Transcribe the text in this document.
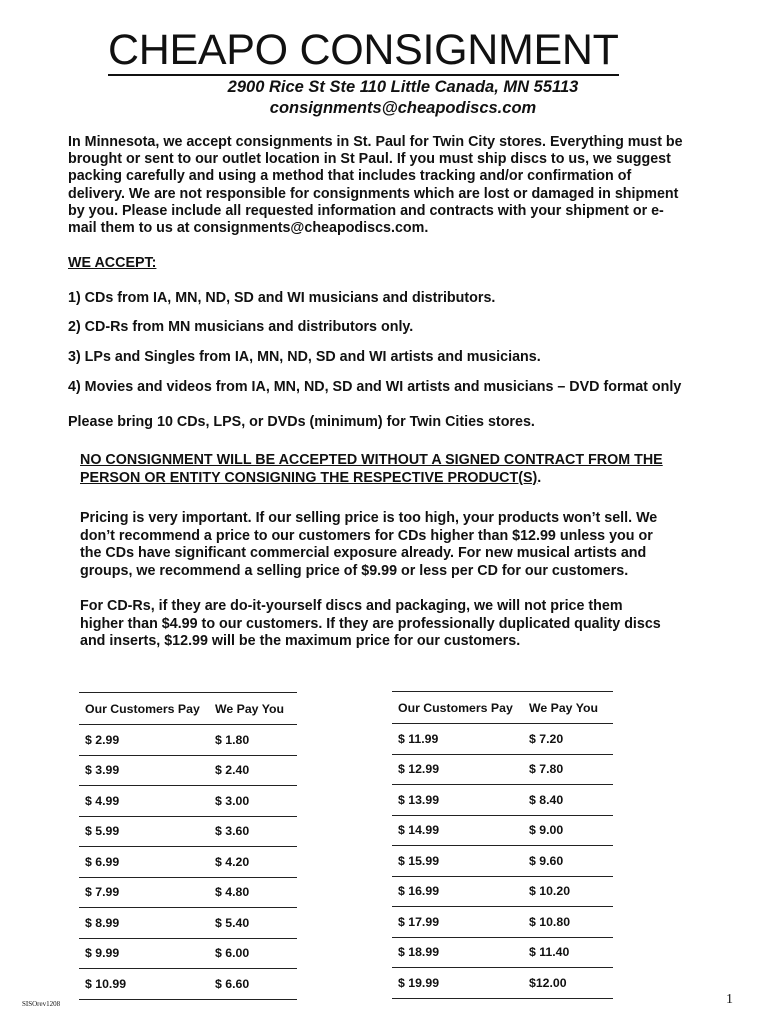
CHEAPO CONSIGNMENT
2900 Rice St Ste 110 Little Canada, MN 55113
consignments@cheapodiscs.com
In Minnesota, we accept consignments in St. Paul for Twin City stores. Everything must be
brought or sent to our outlet location in St Paul. If you must ship discs to us, we suggest
packing carefully and using a method that includes tracking and/or confirmation of
delivery. We are not responsible for consignments which are lost or damaged in shipment
by you. Please include all requested information and contracts with your shipment or e-
mail them to us at consignments@cheapodiscs.com.
WE ACCEPT:
1) CDs from IA, MN, ND, SD and WI musicians and distributors.
2) CD-Rs from MN musicians and distributors only.
3) LPs and Singles from IA, MN, ND, SD and WI artists and musicians.
4) Movies and videos from IA, MN, ND, SD and WI artists and musicians – DVD format only
Please bring 10 CDs, LPS, or DVDs (minimum) for Twin Cities stores.
NO CONSIGNMENT WILL BE ACCEPTED WITHOUT A SIGNED CONTRACT FROM THE
PERSON OR ENTITY CONSIGNING THE RESPECTIVE PRODUCT(S).
Pricing is very important. If our selling price is too high, your products won’t sell. We
don’t recommend a price to our customers for CDs higher than $12.99 unless you or
the CDs have significant commercial exposure already. For new musical artists and
groups, we recommend a selling price of $9.99 or less per CD for our customers.
For CD-Rs, if they are do-it-yourself discs and packaging, we will not price them
higher than $4.99 to our customers. If they are professionally duplicated quality discs
and inserts, $12.99 will be the maximum price for our customers.
Our Customers Pay	We Pay You
$ 2.99	$ 1.80
$ 3.99	$ 2.40
$ 4.99	$ 3.00
$ 5.99	$ 3.60
$ 6.99	$ 4.20
$ 7.99	$ 4.80
$ 8.99	$ 5.40
$ 9.99	$ 6.00
$ 10.99	$ 6.60
Our Customers Pay	We Pay You
$ 11.99	$ 7.20
$ 12.99	$ 7.80
$ 13.99	$ 8.40
$ 14.99	$ 9.00
$ 15.99	$ 9.60
$ 16.99	$ 10.20
$ 17.99	$ 10.80
$ 18.99	$ 11.40
$ 19.99	$12.00
SISOrev1208	1
